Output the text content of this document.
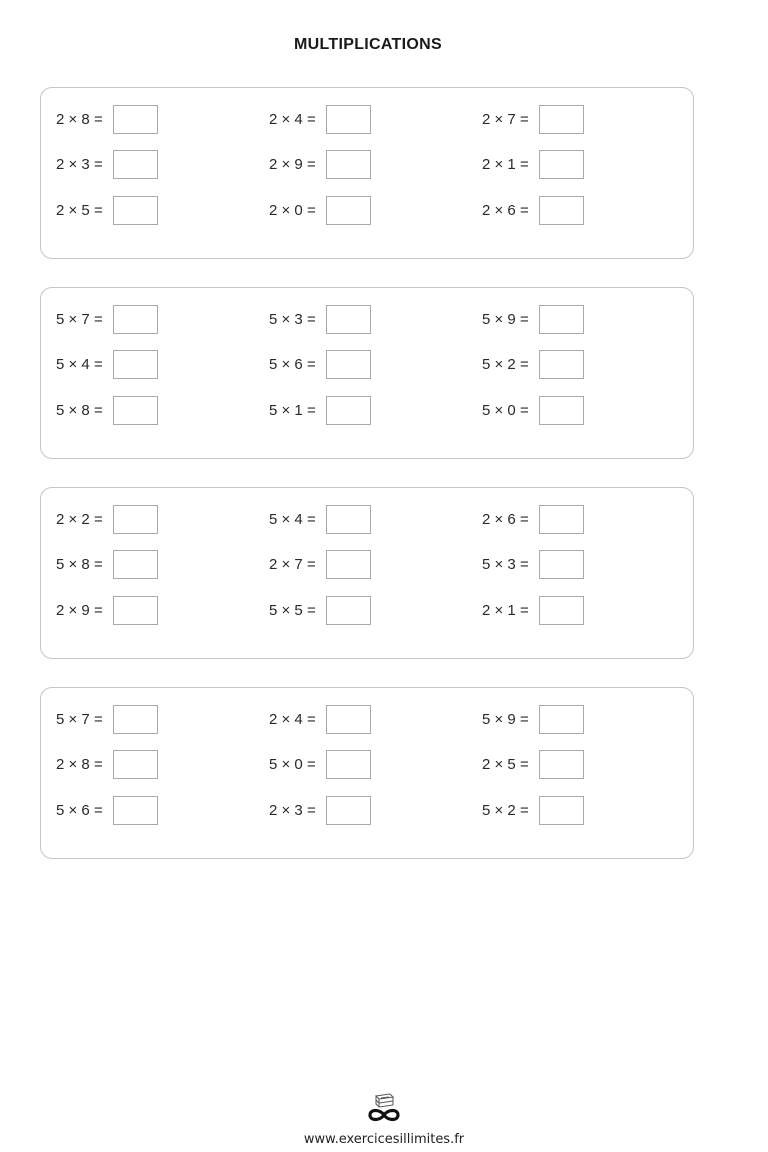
MULTIPLICATIONS
2 × 8 =	2 × 4 =	2 × 7 =
2 × 3 =	2 × 9 =	2 × 1 =
2 × 5 =	2 × 0 =	2 × 6 =
5 × 7 =	5 × 3 =	5 × 9 =
5 × 4 =	5 × 6 =	5 × 2 =
5 × 8 =	5 × 1 =	5 × 0 =
2 × 2 =	5 × 4 =	2 × 6 =
5 × 8 =	2 × 7 =	5 × 3 =
2 × 9 =	5 × 5 =	2 × 1 =
5 × 7 =	2 × 4 =	5 × 9 =
2 × 8 =	5 × 0 =	2 × 5 =
5 × 6 =	2 × 3 =	5 × 2 =
www.exercicesillimites.fr
